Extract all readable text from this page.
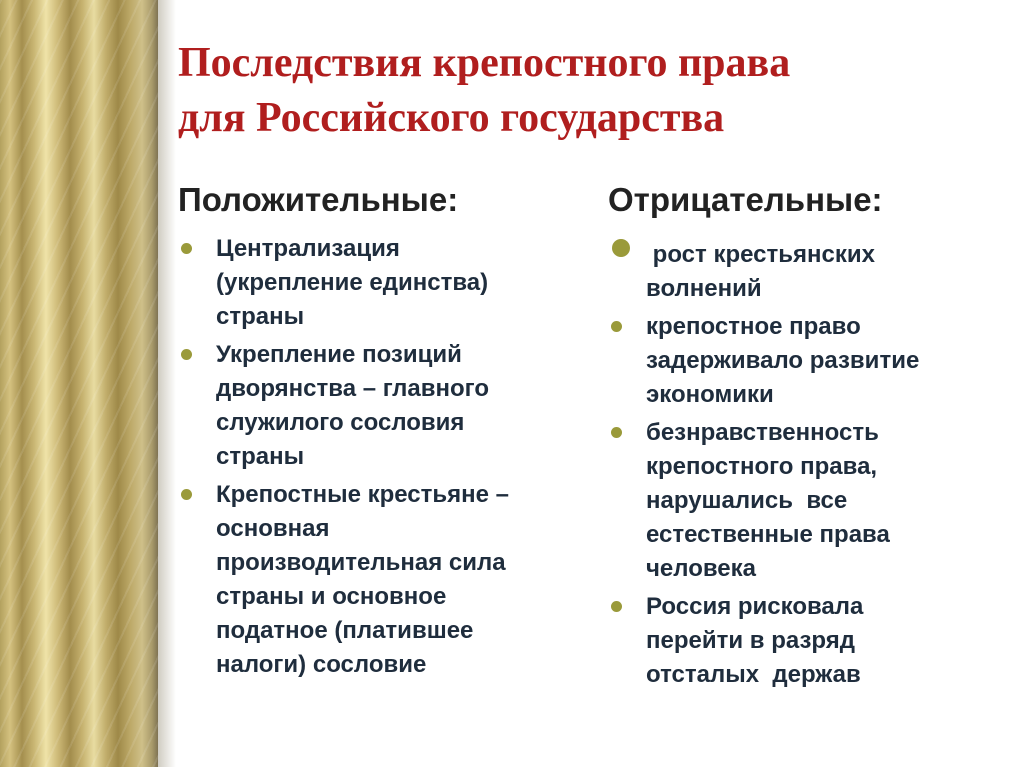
Последствия крепостного права
для Российского государства
Положительные:
Централизация
(укрепление единства)
страны
Укрепление позиций
дворянства – главного
служилого сословия
страны
Крепостные крестьяне –
основная
производительная сила
страны и основное
податное (платившее
налоги) сословие
Отрицательные:
рост крестьянских
волнений
крепостное право
задерживало развитие
экономики
безнравственность
крепостного права,
нарушались  все
естественные права
человека
Россия рисковала
перейти в разряд
отсталых  держав
